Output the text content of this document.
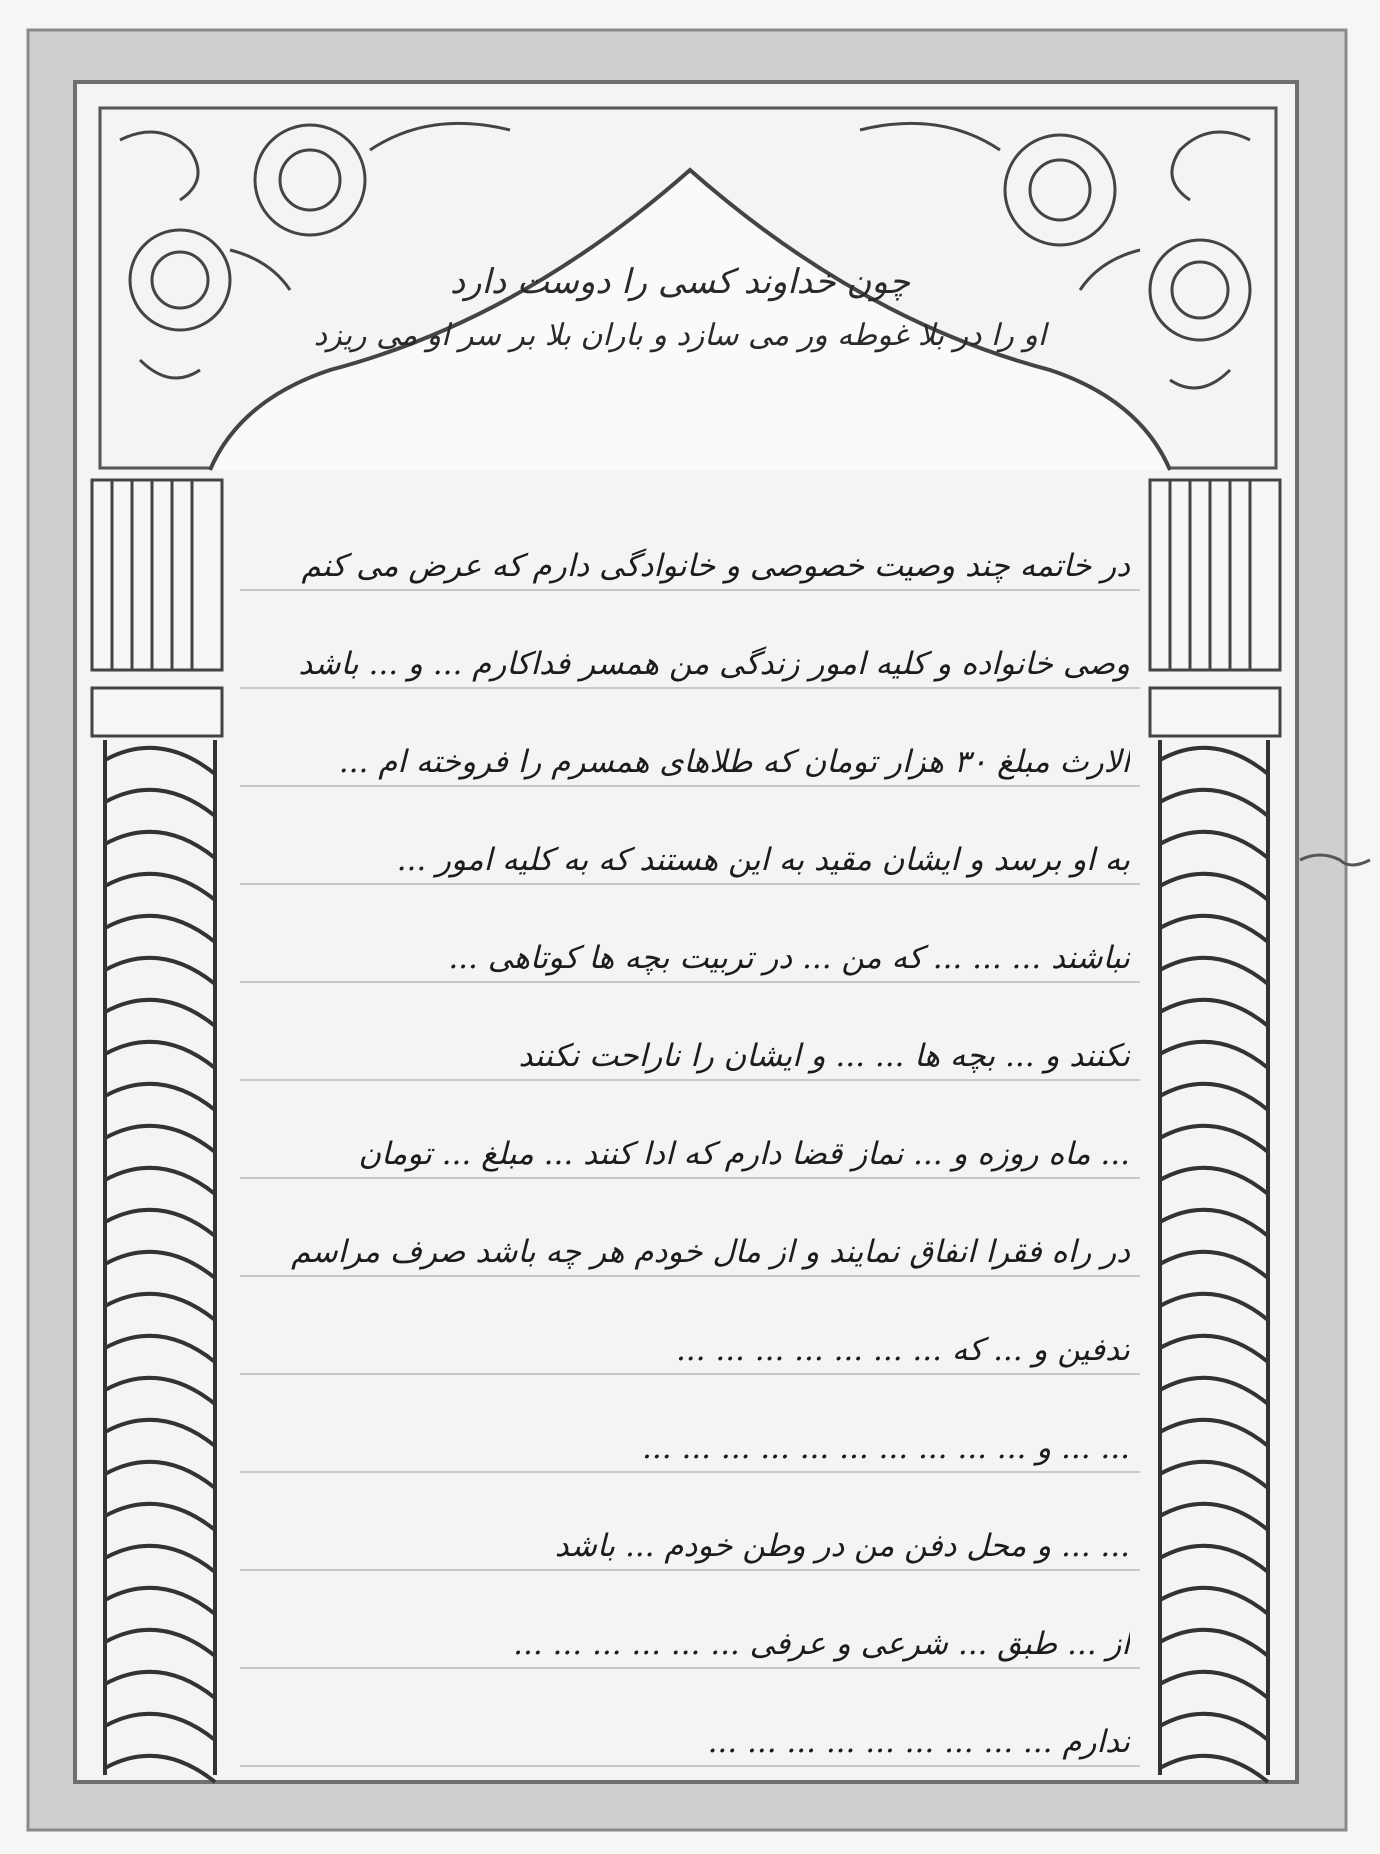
چون خداوند کسی را دوست دارد
او را در بلا غوطه ور می سازد و باران بلا بر سر او می ریزد
در خاتمه چند وصیت خصوصی و خانوادگی دارم که عرض می کنم
وصی خانواده و کلیه امور زندگی من همسر فداکارم ... و ... باشد
الارث مبلغ ۳۰ هزار تومان که طلاهای همسرم را فروخته ام ...
به او برسد و ایشان مقید به این هستند که به کلیه امور ...
نباشند ... ... ... که من ... در تربیت بچه ها کوتاهی ...
نکنند و ... بچه ها ... ... و ایشان را ناراحت نکنند
... ماه روزه و ... نماز قضا دارم که ادا کنند ... مبلغ ... تومان
در راه فقرا انفاق نمایند و از مال خودم هر چه باشد صرف مراسم
تدفین و ... که ... ... ... ... ... ... ...
... ... و ... ... ... ... ... ... ... ... ... ...
... ... و محل دفن من در وطن خودم ... باشد
از ... طبق ... شرعی و عرفی ... ... ... ... ... ...
ندارم ... ... ... ... ... ... ... ... ...
